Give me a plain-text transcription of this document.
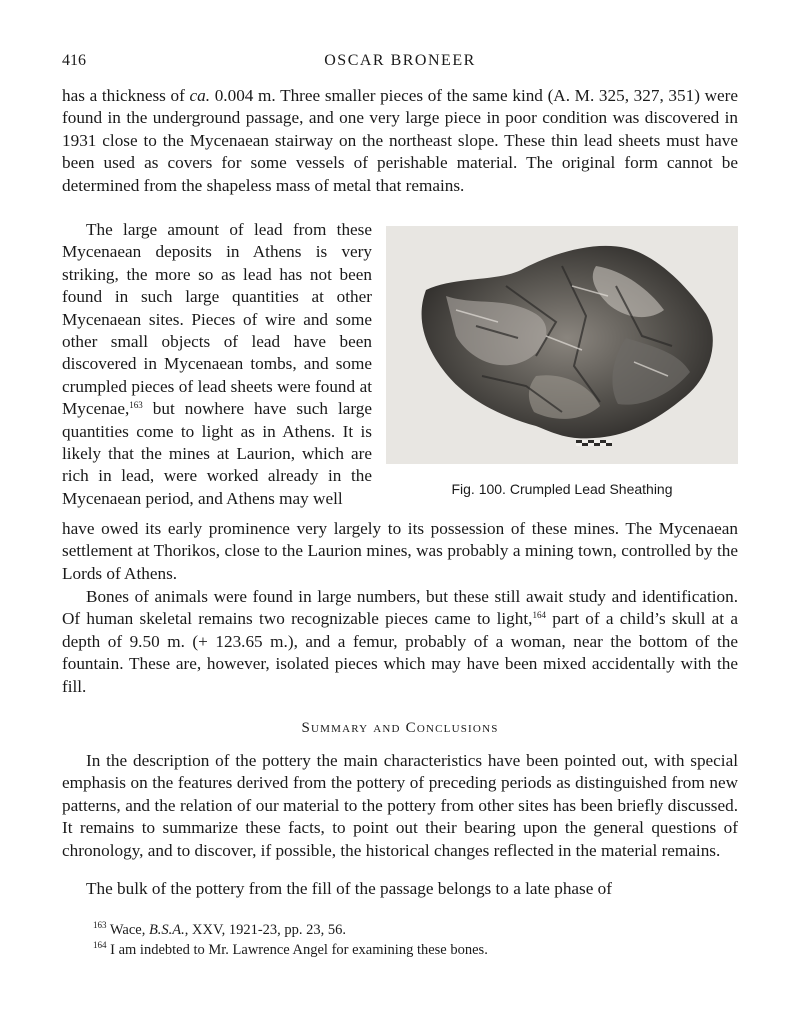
416	OSCAR BRONEER

has a thickness of ca. 0.004 m. Three smaller pieces of the same kind (A. M. 325, 327, 351) were found in the underground passage, and one very large piece in poor condition was discovered in 1931 close to the Mycenaean stairway on the northeast slope. These thin lead sheets must have been used as covers for some vessels of perishable material. The original form cannot be determined from the shapeless mass of metal that remains.

The large amount of lead from these Mycenaean deposits in Athens is very striking, the more so as lead has not been found in such large quantities at other Mycenaean sites. Pieces of wire and some other small objects of lead have been discovered in Mycenaean tombs, and some crumpled pieces of lead sheets were found at Mycenae,$^{163}$ but nowhere have such large quantities come to light as in Athens. It is likely that the mines at Laurion, which are rich in lead, were worked already in the Mycenaean period, and Athens may well	Fig. 100. Crumpled Lead Sheathing

have owed its early prominence very largely to its possession of these mines. The Mycenaean settlement at Thorikos, close to the Laurion mines, was probably a mining town, controlled by the Lords of Athens.

Bones of animals were found in large numbers, but these still await study and identification. Of human skeletal remains two recognizable pieces came to light,$^{164}$ part of a child’s skull at a depth of 9.50 m. (+ 123.65 m.), and a femur, probably of a woman, near the bottom of the fountain. These are, however, isolated pieces which may have been mixed accidentally with the fill.

Summary and Conclusions

In the description of the pottery the main characteristics have been pointed out, with special emphasis on the features derived from the pottery of preceding periods as distinguished from new patterns, and the relation of our material to the pottery from other sites has been briefly discussed. It remains to summarize these facts, to point out their bearing upon the general questions of chronology, and to discover, if possible, the historical changes reflected in the material remains.

The bulk of the pottery from the fill of the passage belongs to a late phase of

$^{163}$ Wace, B.S.A., XXV, 1921-23, pp. 23, 56.

$^{164}$ I am indebted to Mr. Lawrence Angel for examining these bones.
